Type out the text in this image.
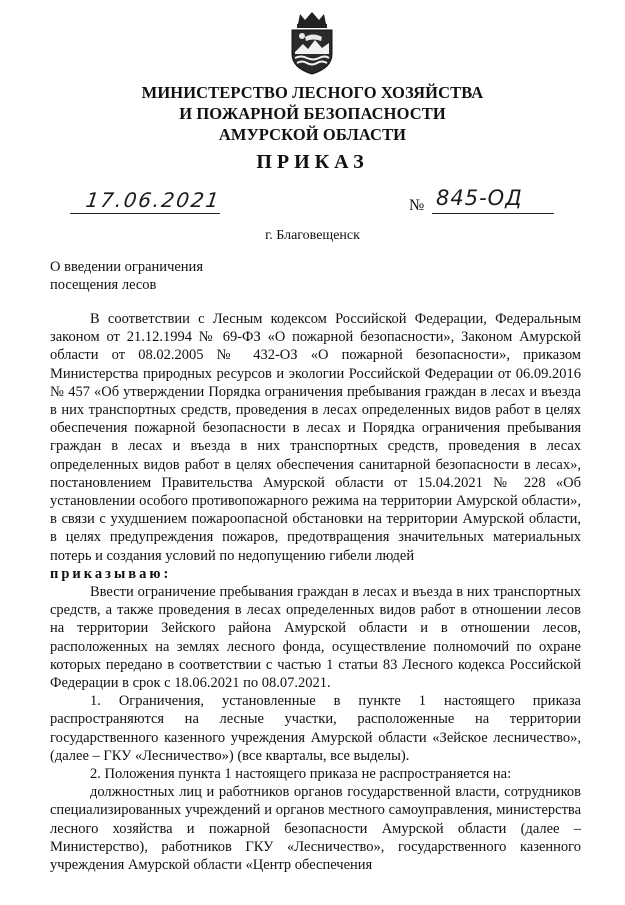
МИНИСТЕРСТВО ЛЕСНОГО ХОЗЯЙСТВА
И ПОЖАРНОЙ БЕЗОПАСНОСТИ
АМУРСКОЙ ОБЛАСТИ
ПРИКАЗ
17.06.2021	№ 845-ОД
г. Благовещенск
О введении ограничения
посещения лесов

В соответствии с Лесным кодексом Российской Федерации, Федеральным законом от 21.12.1994 № 69-ФЗ «О пожарной безопасности», Законом Амурской области от 08.02.2005 № 432-ОЗ «О пожарной безопасности», приказом Министерства природных ресурсов и экологии Российской Федерации от 06.09.2016 № 457 «Об утверждении Порядка ограничения пребывания граждан в лесах и въезда в них транспортных средств, проведения в лесах определенных видов работ в целях обеспечения пожарной безопасности в лесах и Порядка ограничения пребывания граждан в лесах и въезда в них транспортных средств, проведения в лесах определенных видов работ в целях обеспечения санитарной безопасности в лесах», постановлением Правительства Амурской области от 15.04.2021 № 228 «Об установлении особого противопожарного режима на территории Амурской области», в связи с ухудшением пожароопасной обстановки на территории Амурской области, в целях предупреждения пожаров, предотвращения значительных материальных потерь и создания условий по недопущению гибели людей

приказываю:

Ввести ограничение пребывания граждан в лесах и въезда в них транспортных средств, а также проведения в лесах определенных видов работ в отношении лесов на территории Зейского района Амурской области и в отношении лесов, расположенных на землях лесного фонда, осуществление полномочий по охране которых передано в соответствии с частью 1 статьи 83 Лесного кодекса Российской Федерации в срок с 18.06.2021 по 08.07.2021.

1. Ограничения, установленные в пункте 1 настоящего приказа распространяются на лесные участки, расположенные на территории государственного казенного учреждения Амурской области «Зейское лесничество», (далее – ГКУ «Лесничество») (все кварталы, все выделы).

2. Положения пункта 1 настоящего приказа не распространяется на:

должностных лиц и работников органов государственной власти, сотрудников специализированных учреждений и органов местного самоуправления, министерства лесного хозяйства и пожарной безопасности Амурской области (далее – Министерство), работников ГКУ «Лесничество», государственного казенного учреждения Амурской области «Центр обеспечения
